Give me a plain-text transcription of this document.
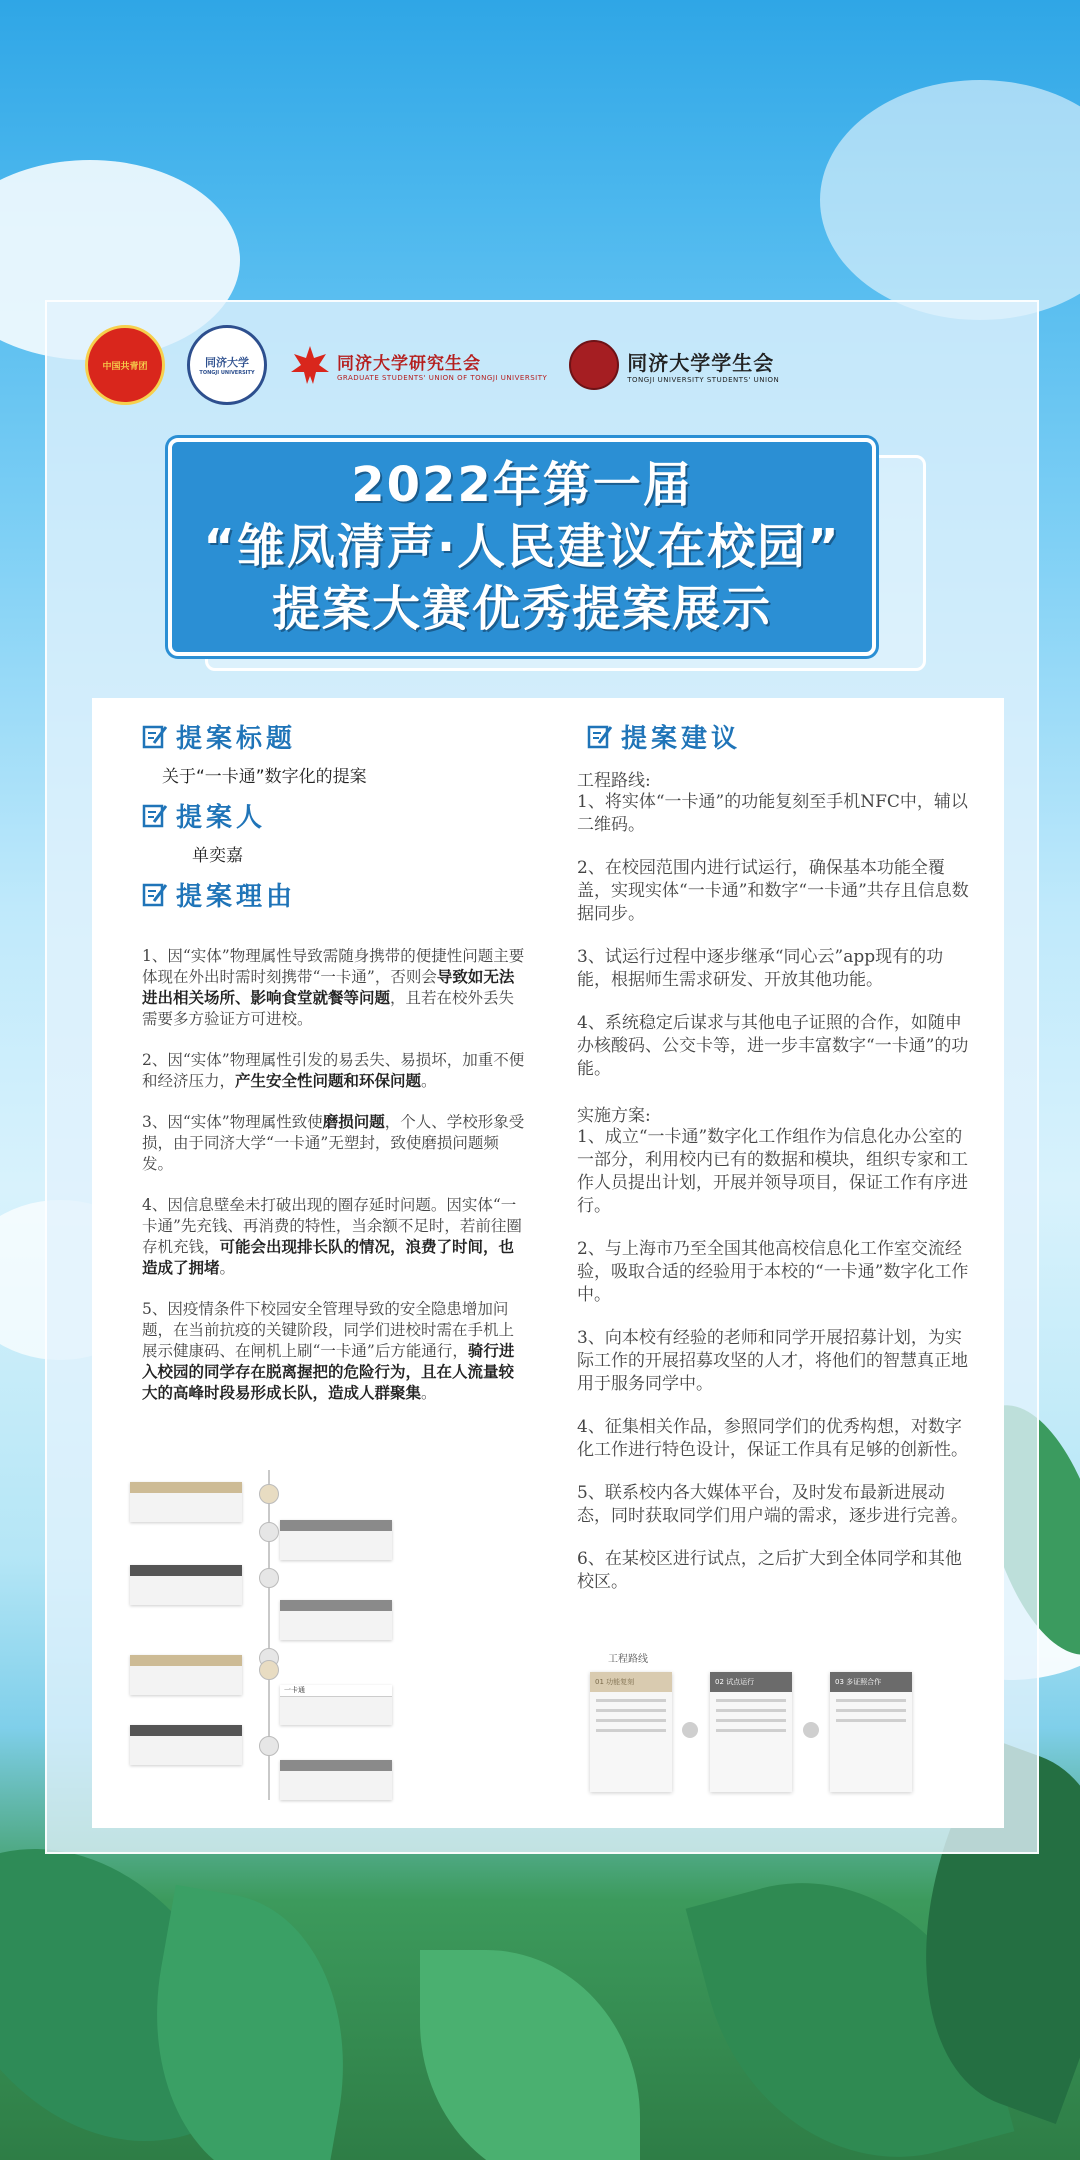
中国共青团	同济大学
TONGJI UNIVERSITY	同济大学研究生会
GRADUATE STUDENTS' UNION OF TONGJI UNIVERSITY
同济大学学生会
TONGJI UNIVERSITY STUDENTS' UNION
2022年第一届
“雏凤清声·人民建议在校园”
提案大赛优秀提案展示
提案标题
关于“一卡通”数字化的提案
提案人
单奕嘉
提案理由

1、因“实体”物理属性导致需随身携带的便捷性问题主要体现在外出时需时刻携带“一卡通”，否则会导致如无法进出相关场所、影响食堂就餐等问题，且若在校外丢失需要多方验证方可进校。

2、因“实体”物理属性引发的易丢失、易损坏，加重不便和经济压力，产生安全性问题和环保问题。

3、因“实体”物理属性致使磨损问题，个人、学校形象受损，由于同济大学“一卡通”无塑封，致使磨损问题频发。

4、因信息壁垒未打破出现的圈存延时问题。因实体“一卡通”先充钱、再消费的特性，当余额不足时，若前往圈存机充钱，可能会出现排长队的情况，浪费了时间，也造成了拥堵。

5、因疫情条件下校园安全管理导致的安全隐患增加问题，在当前抗疫的关键阶段，同学们进校时需在手机上展示健康码、在闸机上刷“一卡通”后方能通行，骑行进入校园的同学存在脱离握把的危险行为，且在人流量较大的高峰时段易形成长队，造成人群聚集。

提案建议

工程路线:

1、将实体“一卡通”的功能复刻至手机NFC中，辅以二维码。

2、在校园范围内进行试运行，确保基本功能全覆盖，实现实体“一卡通”和数字“一卡通”共存且信息数据同步。

3、试运行过程中逐步继承“同心云”app现有的功能，根据师生需求研发、开放其他功能。

4、系统稳定后谋求与其他电子证照的合作，如随申办核酸码、公交卡等，进一步丰富数字“一卡通”的功能。

实施方案:

1、成立“一卡通”数字化工作组作为信息化办公室的一部分，利用校内已有的数据和模块，组织专家和工作人员提出计划，开展并领导项目，保证工作有序进行。

2、与上海市乃至全国其他高校信息化工作室交流经验，吸取合适的经验用于本校的“一卡通”数字化工作中。

3、向本校有经验的老师和同学开展招募计划，为实际工作的开展招募攻坚的人才，将他们的智慧真正地用于服务同学中。

4、征集相关作品，参照同学们的优秀构想，对数字化工作进行特色设计，保证工作具有足够的创新性。

5、联系校内各大媒体平台，及时发布最新进展动态，同时获取同学们用户端的需求，逐步进行完善。

6、在某校区进行试点，之后扩大到全体同学和其他校区。

一卡通
工程路线
01 功能复刻	02 试点运行	03 多证照合作
